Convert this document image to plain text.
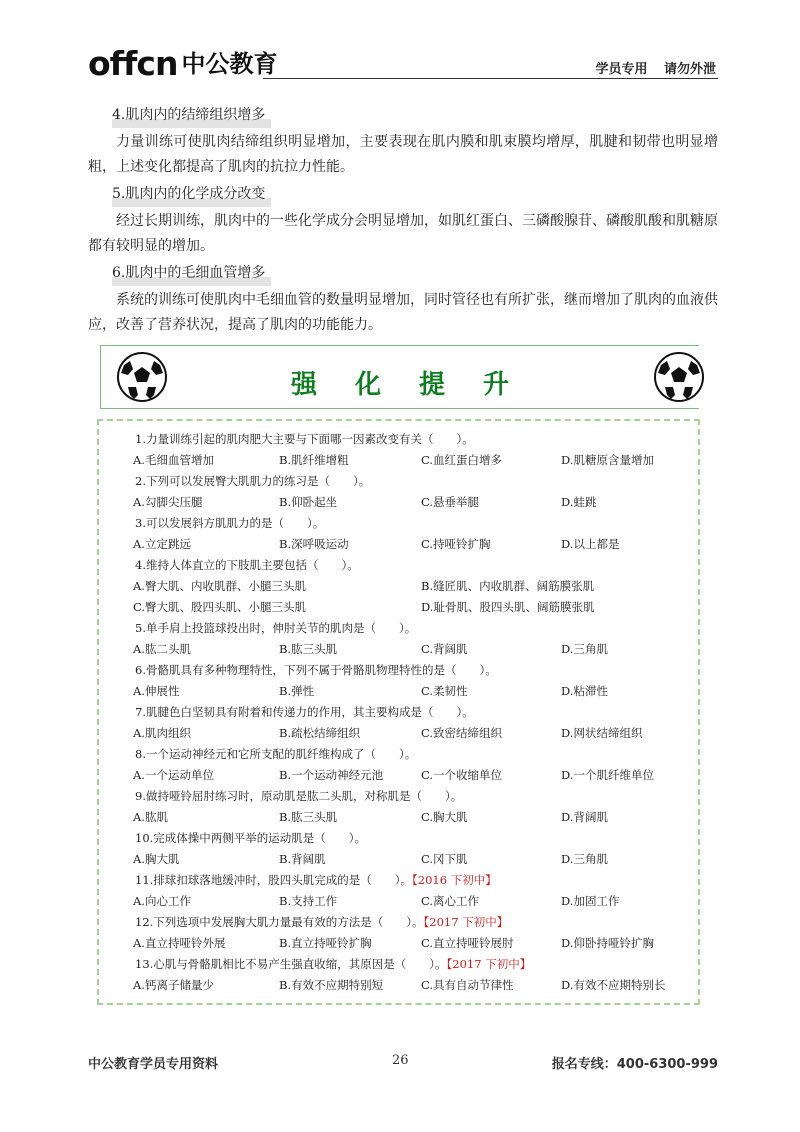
offcn 中公教育	学员专用 请勿外泄
4.肌肉内的结缔组织增多

力量训练可使肌肉结缔组织明显增加，主要表现在肌内膜和肌束膜均增厚，肌腱和韧带也明显增粗，上述变化都提高了肌肉的抗拉力性能。

5.肌肉内的化学成分改变

经过长期训练，肌肉中的一些化学成分会明显增加，如肌红蛋白、三磷酸腺苷、磷酸肌酸和肌糖原都有较明显的增加。

6.肌肉中的毛细血管增多

系统的训练可使肌肉中毛细血管的数量明显增加，同时管径也有所扩张，继而增加了肌肉的血液供应，改善了营养状况，提高了肌肉的功能能力。

强化提升
1.力量训练引起的肌肉肥大主要与下面哪一因素改变有关（　　）。
A.毛细血管增加	B.肌纤维增粗	C.血红蛋白增多	D.肌糖原含量增加
2.下列可以发展臀大肌肌力的练习是（　　）。
A.勾脚尖压腿	B.仰卧起坐	C.悬垂举腿	D.蛙跳
3.可以发展斜方肌肌力的是（　　）。
A.立定跳远	B.深呼吸运动	C.持哑铃扩胸	D.以上都是
4.维持人体直立的下肢肌主要包括（　　）。
A.臀大肌、内收肌群、小腿三头肌	B.缝匠肌、内收肌群、阔筋膜张肌
C.臀大肌、股四头肌、小腿三头肌	D.耻骨肌、股四头肌、阔筋膜张肌
5.单手肩上投篮球投出时，伸肘关节的肌肉是（　　）。
A.肱二头肌	B.肱三头肌	C.背阔肌	D.三角肌
6.骨骼肌具有多种物理特性，下列不属于骨骼肌物理特性的是（　　）。
A.伸展性	B.弹性	C.柔韧性	D.粘滞性
7.肌腱色白坚韧具有附着和传递力的作用，其主要构成是（　　）。
A.肌肉组织	B.疏松结缔组织	C.致密结缔组织	D.网状结缔组织
8.一个运动神经元和它所支配的肌纤维构成了（　　）。
A.一个运动单位	B.一个运动神经元池	C.一个收缩单位	D.一个肌纤维单位
9.做持哑铃屈肘练习时，原动肌是肱二头肌，对称肌是（　　）。
A.肱肌	B.肱三头肌	C.胸大肌	D.背阔肌
10.完成体操中两侧平举的运动肌是（　　）。
A.胸大肌	B.背阔肌	C.冈下肌	D.三角肌
11.排球扣球落地缓冲时，股四头肌完成的是（　　）。【2016 下初中】
A.向心工作	B.支持工作	C.离心工作	D.加固工作
12.下列选项中发展胸大肌力量最有效的方法是（　　）。【2017 下初中】
A.直立持哑铃外展	B.直立持哑铃扩胸	C.直立持哑铃展肘	D.仰卧持哑铃扩胸
13.心肌与骨骼肌相比不易产生强直收缩，其原因是（　　）。【2017 下初中】
A.钙离子储量少	B.有效不应期特别短	C.具有自动节律性	D.有效不应期特别长
中公教育学员专用资料	26	报名专线：400-6300-999
